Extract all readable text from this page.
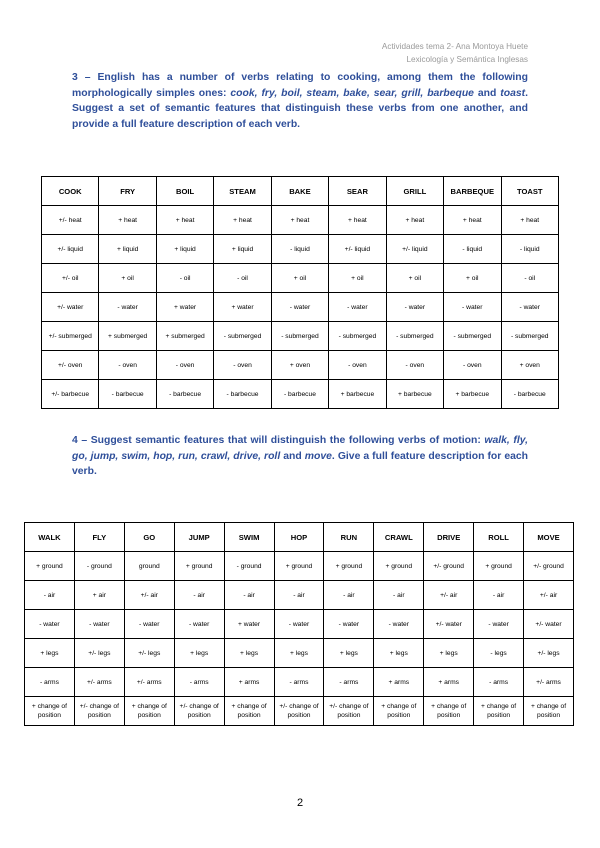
Actividades tema 2- Ana Montoya Huete
Lexicología y Semántica Inglesas
3 – English has a number of verbs relating to cooking, among them the following morphologically simples ones: cook, fry, boil, steam, bake, sear, grill, barbeque and toast. Suggest a set of semantic features that distinguish these verbs from one another, and provide a full feature description of each verb.
COOK	FRY	BOIL	STEAM	BAKE	SEAR	GRILL	BARBEQUE	TOAST
+/- heat	+ heat	+ heat	+ heat	+ heat	+ heat	+ heat	+ heat	+ heat
+/- liquid	+ liquid	+ liquid	+ liquid	- liquid	+/- liquid	+/- liquid	- liquid	- liquid
+/- oil	+ oil	- oil	- oil	+ oil	+ oil	+ oil	+ oil	- oil
+/- water	- water	+ water	+ water	- water	- water	- water	- water	- water
+/- submerged	+ submerged	+ submerged	- submerged	- submerged	- submerged	- submerged	- submerged	- submerged
+/- oven	- oven	- oven	- oven	+ oven	- oven	- oven	- oven	+ oven
+/- barbecue	- barbecue	- barbecue	- barbecue	- barbecue	+ barbecue	+ barbecue	+ barbecue	- barbecue
4 – Suggest semantic features that will distinguish the following verbs of motion: walk, fly, go, jump, swim, hop, run, crawl, drive, roll and move. Give a full feature description for each verb.
WALK	FLY	GO	JUMP	SWIM	HOP	RUN	CRAWL	DRIVE	ROLL	MOVE
+ ground	- ground	ground	+ ground	- ground	+ ground	+ ground	+ ground	+/- ground	+ ground	+/- ground
- air	+ air	+/- air	- air	- air	- air	- air	- air	+/- air	- air	+/- air
- water	- water	- water	- water	+ water	- water	- water	- water	+/- water	- water	+/- water
+ legs	+/- legs	+/- legs	+ legs	+ legs	+ legs	+ legs	+ legs	+ legs	- legs	+/- legs
- arms	+/- arms	+/- arms	- arms	+ arms	- arms	- arms	+ arms	+ arms	- arms	+/- arms
+ change of position	+/- change of position	+ change of position	+/- change of position	+ change of position	+/- change of position	+/- change of position	+ change of position	+ change of position	+ change of position	+ change of position
2
